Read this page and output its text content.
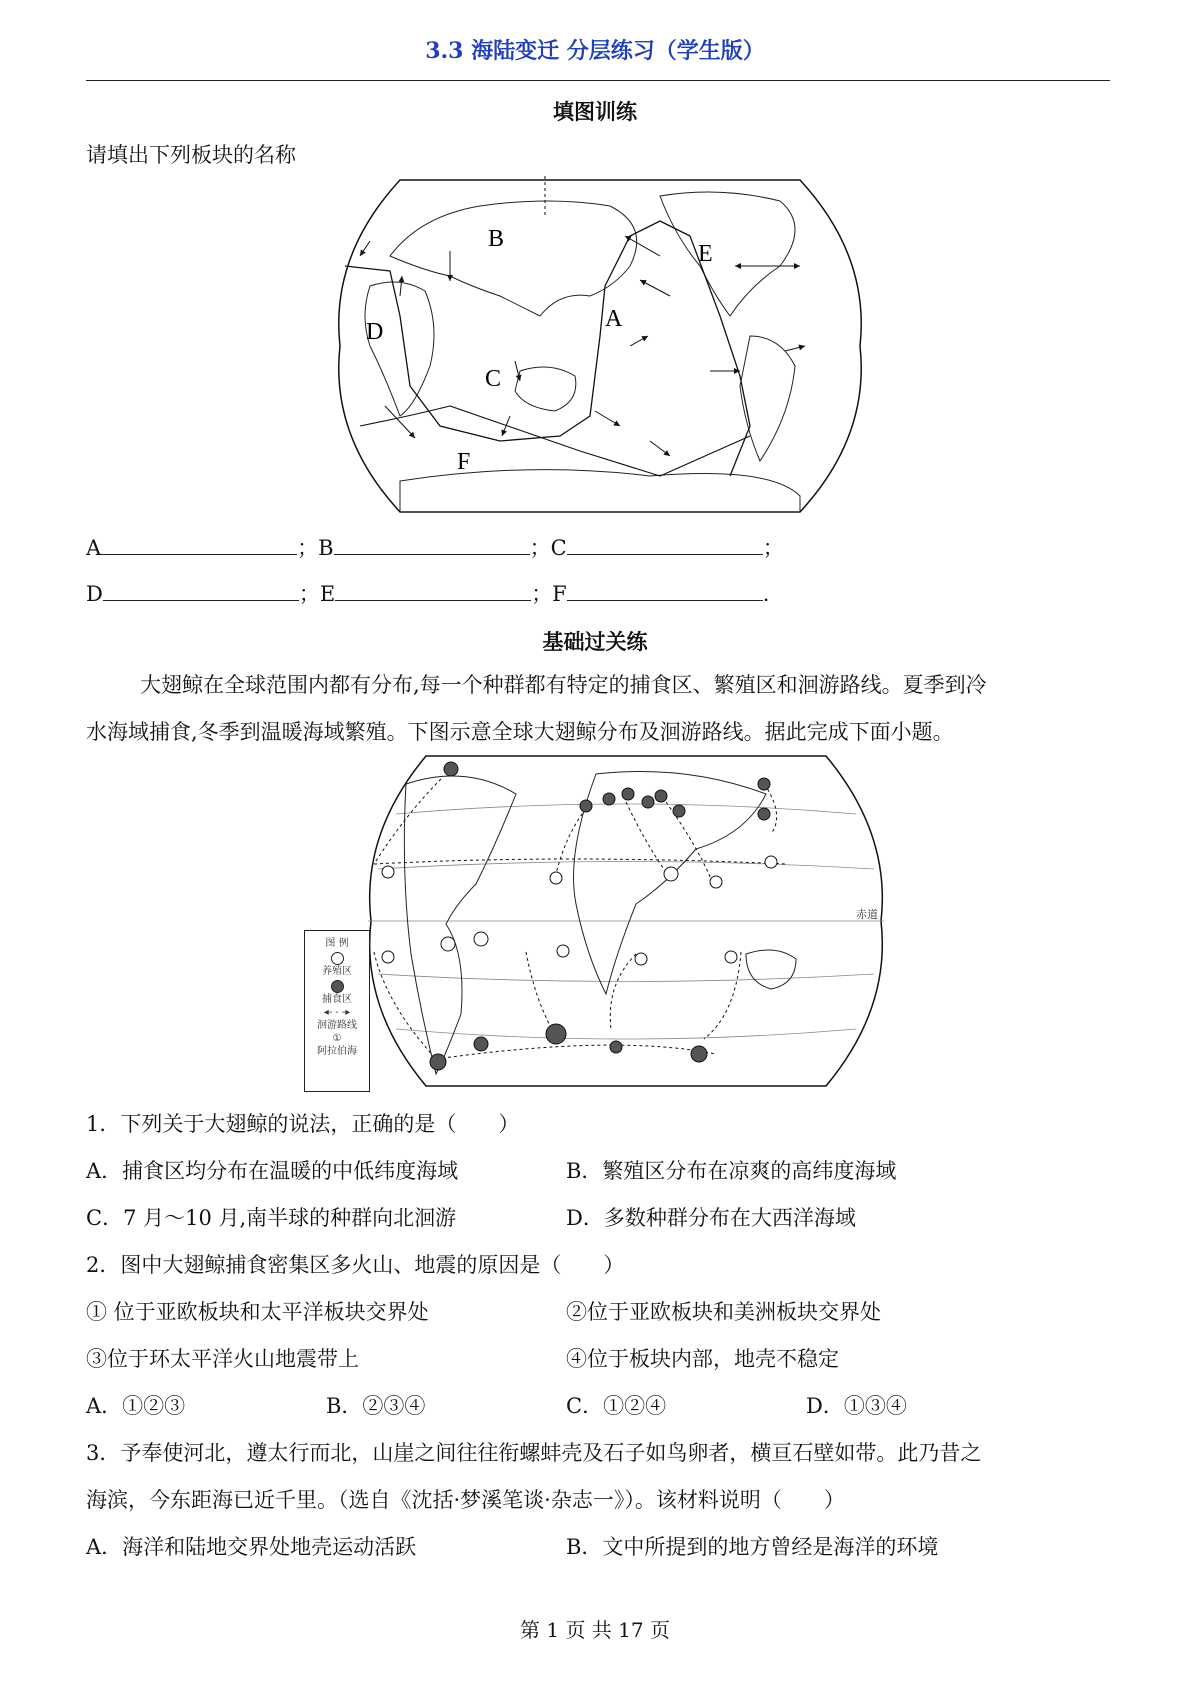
3.3 海陆变迁 分层练习（学生版）
填图训练
请填出下列板块的名称
B
A
C
D
E
F
A	；B	；C	；
D	；E	；F	.
基础过关练
大翅鲸在全球范围内都有分布,每一个种群都有特定的捕食区、繁殖区和洄游路线。夏季到冷
水海域捕食,冬季到温暖海域繁殖。下图示意全球大翅鲸分布及洄游路线。据此完成下面小题。
赤道
图 例
养殖区
捕食区
◂- - -▸
洄游路线
①
阿拉伯海
1．下列关于大翅鲸的说法，正确的是（　　）
A．捕食区均分布在温暖的中低纬度海域	B．繁殖区分布在凉爽的高纬度海域
C．7 月～10 月,南半球的种群向北洄游	D．多数种群分布在大西洋海域
2．图中大翅鲸捕食密集区多火山、地震的原因是（　　）
① 位于亚欧板块和太平洋板块交界处	②位于亚欧板块和美洲板块交界处
③位于环太平洋火山地震带上	④位于板块内部，地壳不稳定
A．①②③	B．②③④	C．①②④	D．①③④
3．予奉使河北，遵太行而北，山崖之间往往衔螺蚌壳及石子如鸟卵者，横亘石壁如带。此乃昔之
海滨，今东距海已近千里。（选自《沈括·梦溪笔谈·杂志一》）。该材料说明（　　）
A．海洋和陆地交界处地壳运动活跃	B．文中所提到的地方曾经是海洋的环境
第 1 页 共 17 页
